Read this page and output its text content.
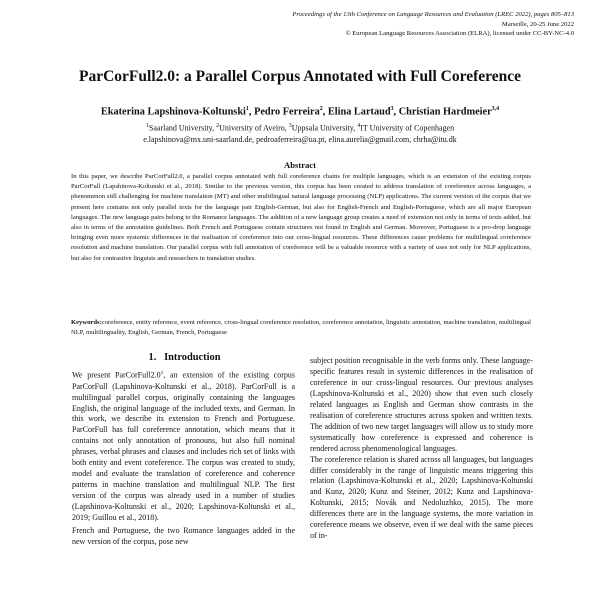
Proceedings of the 13th Conference on Language Resources and Evaluation (LREC 2022), pages 805–813
Marseille, 20-25 June 2022
© European Language Resources Association (ELRA), licensed under CC-BY-NC-4.0
ParCorFull2.0: a Parallel Corpus Annotated with Full Coreference
Ekaterina Lapshinova-Koltunski$^1$, Pedro Ferreira$^2$, Elina Lartaud$^3$, Christian Hardmeier$^{3,4}$
$^1$Saarland University, $^2$University of Aveiro, $^3$Uppsala University, $^4$IT University of Copenhagen
e.lapshinova@mx.uni-saarland.de, pedroaferreira@ua.pt, elina.aurelia@gmail.com, chrha@itu.dk
Abstract

In this paper, we describe ParCorFull2.0, a parallel corpus annotated with full coreference chains for multiple languages, which is an extension of the existing corpus ParCorFull (Lapshinova-Koltunski et al., 2018). Similar to the previous version, this corpus has been created to address translation of coreference across languages, a phenomenon still challenging for machine translation (MT) and other multilingual natural language processing (NLP) applications. The current version of the corpus that we present here contains not only parallel texts for the language pair English-German, but also for English-French and English-Portuguese, which are all major European languages. The new language pairs belong to the Romance languages. The addition of a new language group creates a need of extension not only in terms of texts added, but also in terms of the annotation guidelines. Both French and Portuguese contain structures not found in English and German. Moreover, Portuguese is a pro-drop language bringing even more systemic differences in the realisation of coreference into our cross-lingual resources. These differences cause problems for multilingual coreference resolution and machine translation. Our parallel corpus with full annotation of coreference will be a valuable resource with a variety of uses not only for NLP applications, but also for contrastive linguists and researchers in translation studies.

Keywords:coreference, entity reference, event reference, cross-lingual coreference resolution, coreference annotation, linguistic annotation, machine translation, multilingual NLP, multilinguality, English, German, French, Portuguese

1. Introduction

We present $ParCorFull2.0^1$, an extension of the existing corpus ParCorFull (Lapshinova-Koltunski et al., 2018). ParCorFull is a multilingual parallel corpus, originally containing the languages English, the original language of the included texts, and German. In this work, we describe its extension to French and Portuguese. ParCorFull has full coreference annotation, which means that it contains not only annotation of pronouns, but also full nominal phrases, verbal phrases and clauses and includes rich set of links with both entity and event coreference. The corpus was created to study, model and evaluate the translation of coreference and coherence patterns in machine translation and multilingual NLP. The first version of the corpus was already used in a number of studies (Lapshinova-Koltunski et al., 2020; Lapshinova-Koltunski et al., 2019; Guillou et al., 2018).

French and Portuguese, the two Romance languages added in the new version of the corpus, pose new

subject position recognisable in the verb forms only. These language-specific features result in systemic differences in the realisation of coreference in our cross-lingual resources. Our previous analyses (Lapshinova-Koltunski et al., 2020) show that even such closely related languages as English and German show contrasts in the realisation of coreference structures across spoken and written texts. The addition of two new target languages will allow us to study more systematically how coreference is expressed and coherence is rendered across phenomenological languages.

The coreference relation is shared across all languages, but languages differ considerably in the range of linguistic means triggering this relation (Lapshinova-Koltunski et al., 2020; Lapshinova-Koltunski and Kunz, 2020; Kunz and Steiner, 2012; Kunz and Lapshinova-Koltunski, 2015; Novák and Nedoluzhko, 2015). The more differences there are in the language systems, the more variation in coreference means we observe, even if we deal with the same pieces of in-
